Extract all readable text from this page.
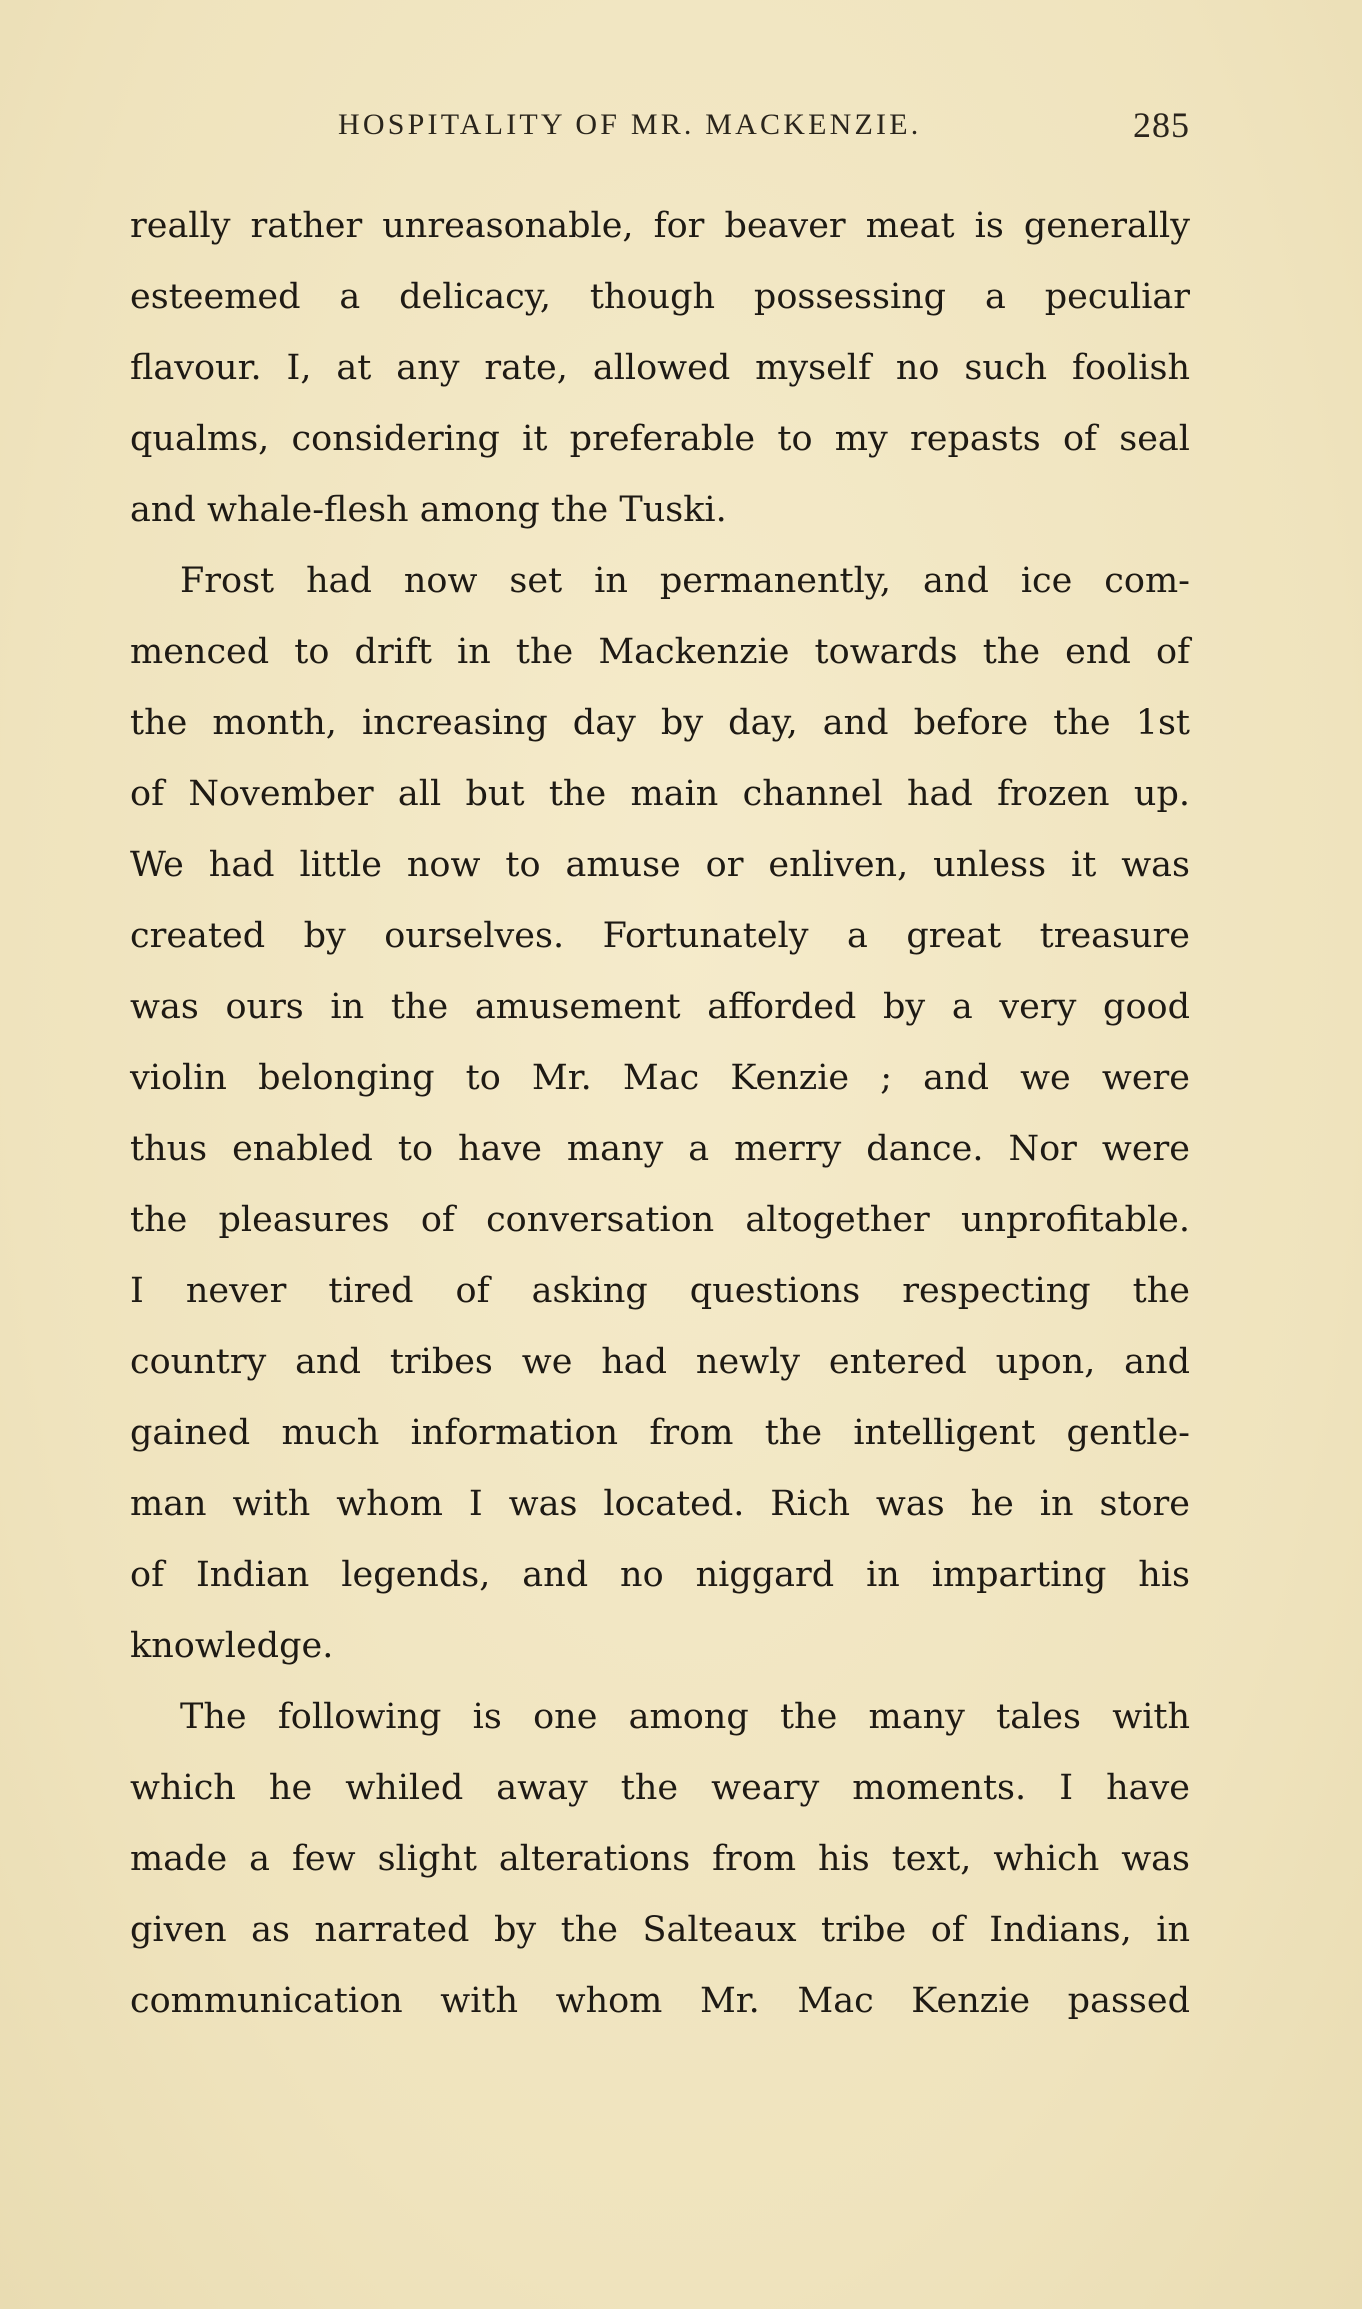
HOSPITALITY OF MR. MACKENZIE.	285
really rather unreasonable, for beaver meat is generally
esteemed a delicacy, though possessing a peculiar
flavour. I, at any rate, allowed myself no such foolish
qualms, considering it preferable to my repasts of seal
and whale-flesh among the Tuski.
Frost had now set in permanently, and ice com-
menced to drift in the Mackenzie towards the end of
the month, increasing day by day, and before the 1st
of November all but the main channel had frozen up.
We had little now to amuse or enliven, unless it was
created by ourselves. Fortunately a great treasure
was ours in the amusement afforded by a very good
violin belonging to Mr. Mac Kenzie ; and we were
thus enabled to have many a merry dance. Nor were
the pleasures of conversation altogether unprofitable.
I never tired of asking questions respecting the
country and tribes we had newly entered upon, and
gained much information from the intelligent gentle-
man with whom I was located. Rich was he in store
of Indian legends, and no niggard in imparting his
knowledge.
The following is one among the many tales with
which he whiled away the weary moments. I have
made a few slight alterations from his text, which was
given as narrated by the Salteaux tribe of Indians, in
communication with whom Mr. Mac Kenzie passed
